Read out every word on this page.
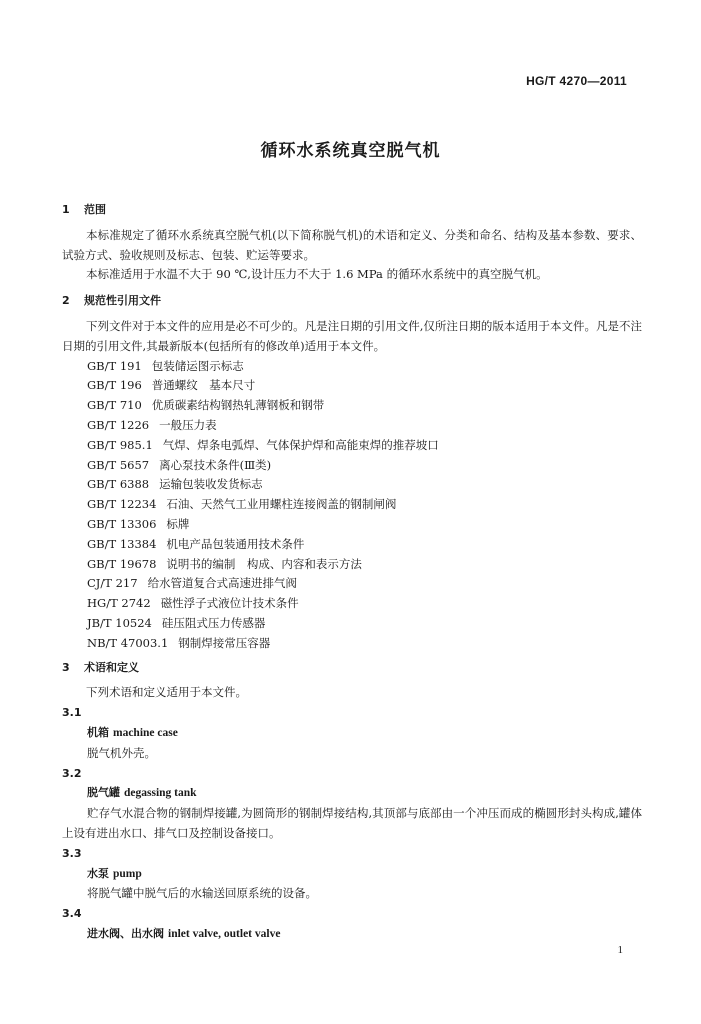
HG/T 4270—2011
循环水系统真空脱气机
1 范围
本标准规定了循环水系统真空脱气机(以下简称脱气机)的术语和定义、分类和命名、结构及基本参数、要求、试验方式、验收规则及标志、包装、贮运等要求。
本标准适用于水温不大于 90 ℃,设计压力不大于 1.6 MPa 的循环水系统中的真空脱气机。
2 规范性引用文件
下列文件对于本文件的应用是必不可少的。凡是注日期的引用文件,仅所注日期的版本适用于本文件。凡是不注日期的引用文件,其最新版本(包括所有的修改单)适用于本文件。
GB/T 191 包装储运图示标志
GB/T 196 普通螺纹　基本尺寸
GB/T 710 优质碳素结构钢热轧薄钢板和钢带
GB/T 1226 一般压力表
GB/T 985.1 气焊、焊条电弧焊、气体保护焊和高能束焊的推荐坡口
GB/T 5657 离心泵技术条件(Ⅲ类)
GB/T 6388 运输包装收发货标志
GB/T 12234 石油、天然气工业用螺柱连接阀盖的钢制闸阀
GB/T 13306 标牌
GB/T 13384 机电产品包装通用技术条件
GB/T 19678 说明书的编制　构成、内容和表示方法
CJ/T 217 给水管道复合式高速进排气阀
HG/T 2742 磁性浮子式液位计技术条件
JB/T 10524 硅压阻式压力传感器
NB/T 47003.1 钢制焊接常压容器
3 术语和定义
下列术语和定义适用于本文件。
3.1
机箱 machine case
脱气机外壳。
3.2
脱气罐 degassing tank
贮存气水混合物的钢制焊接罐,为圆筒形的钢制焊接结构,其顶部与底部由一个冲压而成的椭圆形封头构成,罐体上设有进出水口、排气口及控制设备接口。
3.3
水泵 pump
将脱气罐中脱气后的水输送回原系统的设备。
3.4
进水阀、出水阀 inlet valve, outlet valve
1
